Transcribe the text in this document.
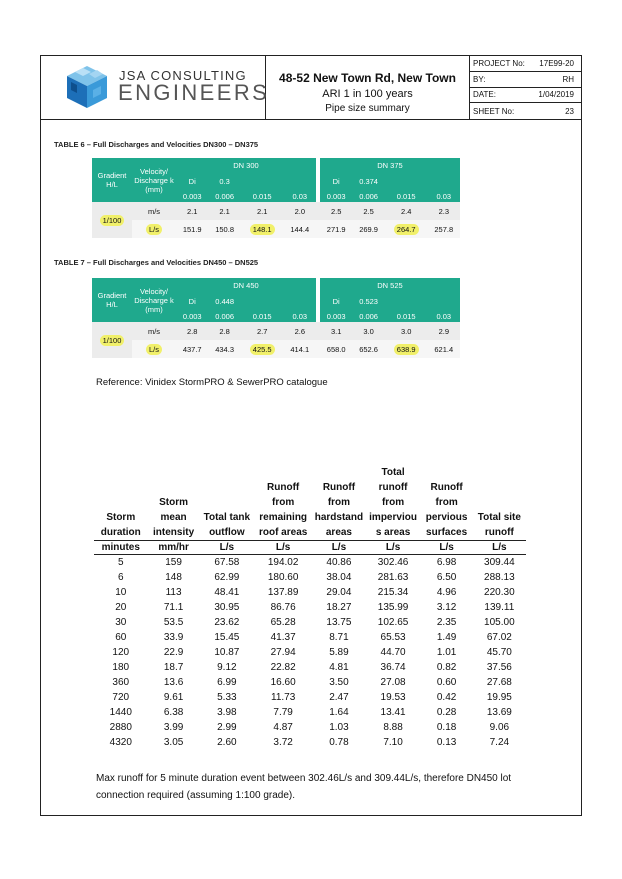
JSA CONSULTING
ENGINEERS
48-52 New Town Rd, New Town
ARI 1 in 100 years
Pipe size summary
PROJECT No:	17E99-20
BY:	RH
DATE:	1/04/2019
SHEET No:	23
TABLE 6 – Full Discharges and Velocities DN300 – DN375
Gradient H/L	Velocity/ Discharge k (mm)	DN 300					DN 375			
		Di	0.3				Di	0.374		
		0.003	0.006	0.015	0.03		0.003	0.006	0.015	0.03
1/100	m/s	2.1	2.1	2.1	2.0		2.5	2.5	2.4	2.3
	L/s	151.9	150.8	148.1	144.4		271.9	269.9	264.7	257.8
TABLE 7 – Full Discharges and Velocities DN450 – DN525
Gradient H/L	Velocity/ Discharge k (mm)	DN 450					DN 525			
		Di	0.448				Di	0.523		
		0.003	0.006	0.015	0.03		0.003	0.006	0.015	0.03
1/100	m/s	2.8	2.8	2.7	2.6		3.1	3.0	3.0	2.9
	L/s	437.7	434.3	425.5	414.1		658.0	652.6	638.9	621.4
Reference: Vinidex StormPRO & SewerPRO catalogue
					Total		
			Runoff	Runoff	runoff	Runoff	
	Storm		from	from	from	from	
Storm	mean	Total tank	remaining	hardstand	imperviou	pervious	Total site
duration	intensity	outflow	roof areas	areas	s areas	surfaces	runoff
minutes	mm/hr	L/s	L/s	L/s	L/s	L/s	L/s
5	159	67.58	194.02	40.86	302.46	6.98	309.44
6	148	62.99	180.60	38.04	281.63	6.50	288.13
10	113	48.41	137.89	29.04	215.34	4.96	220.30
20	71.1	30.95	86.76	18.27	135.99	3.12	139.11
30	53.5	23.62	65.28	13.75	102.65	2.35	105.00
60	33.9	15.45	41.37	8.71	65.53	1.49	67.02
120	22.9	10.87	27.94	5.89	44.70	1.01	45.70
180	18.7	9.12	22.82	4.81	36.74	0.82	37.56
360	13.6	6.99	16.60	3.50	27.08	0.60	27.68
720	9.61	5.33	11.73	2.47	19.53	0.42	19.95
1440	6.38	3.98	7.79	1.64	13.41	0.28	13.69
2880	3.99	2.99	4.87	1.03	8.88	0.18	9.06
4320	3.05	2.60	3.72	0.78	7.10	0.13	7.24
Max runoff for 5 minute duration event between 302.46L/s and 309.44L/s, therefore DN450 lot connection required (assuming 1:100 grade).
